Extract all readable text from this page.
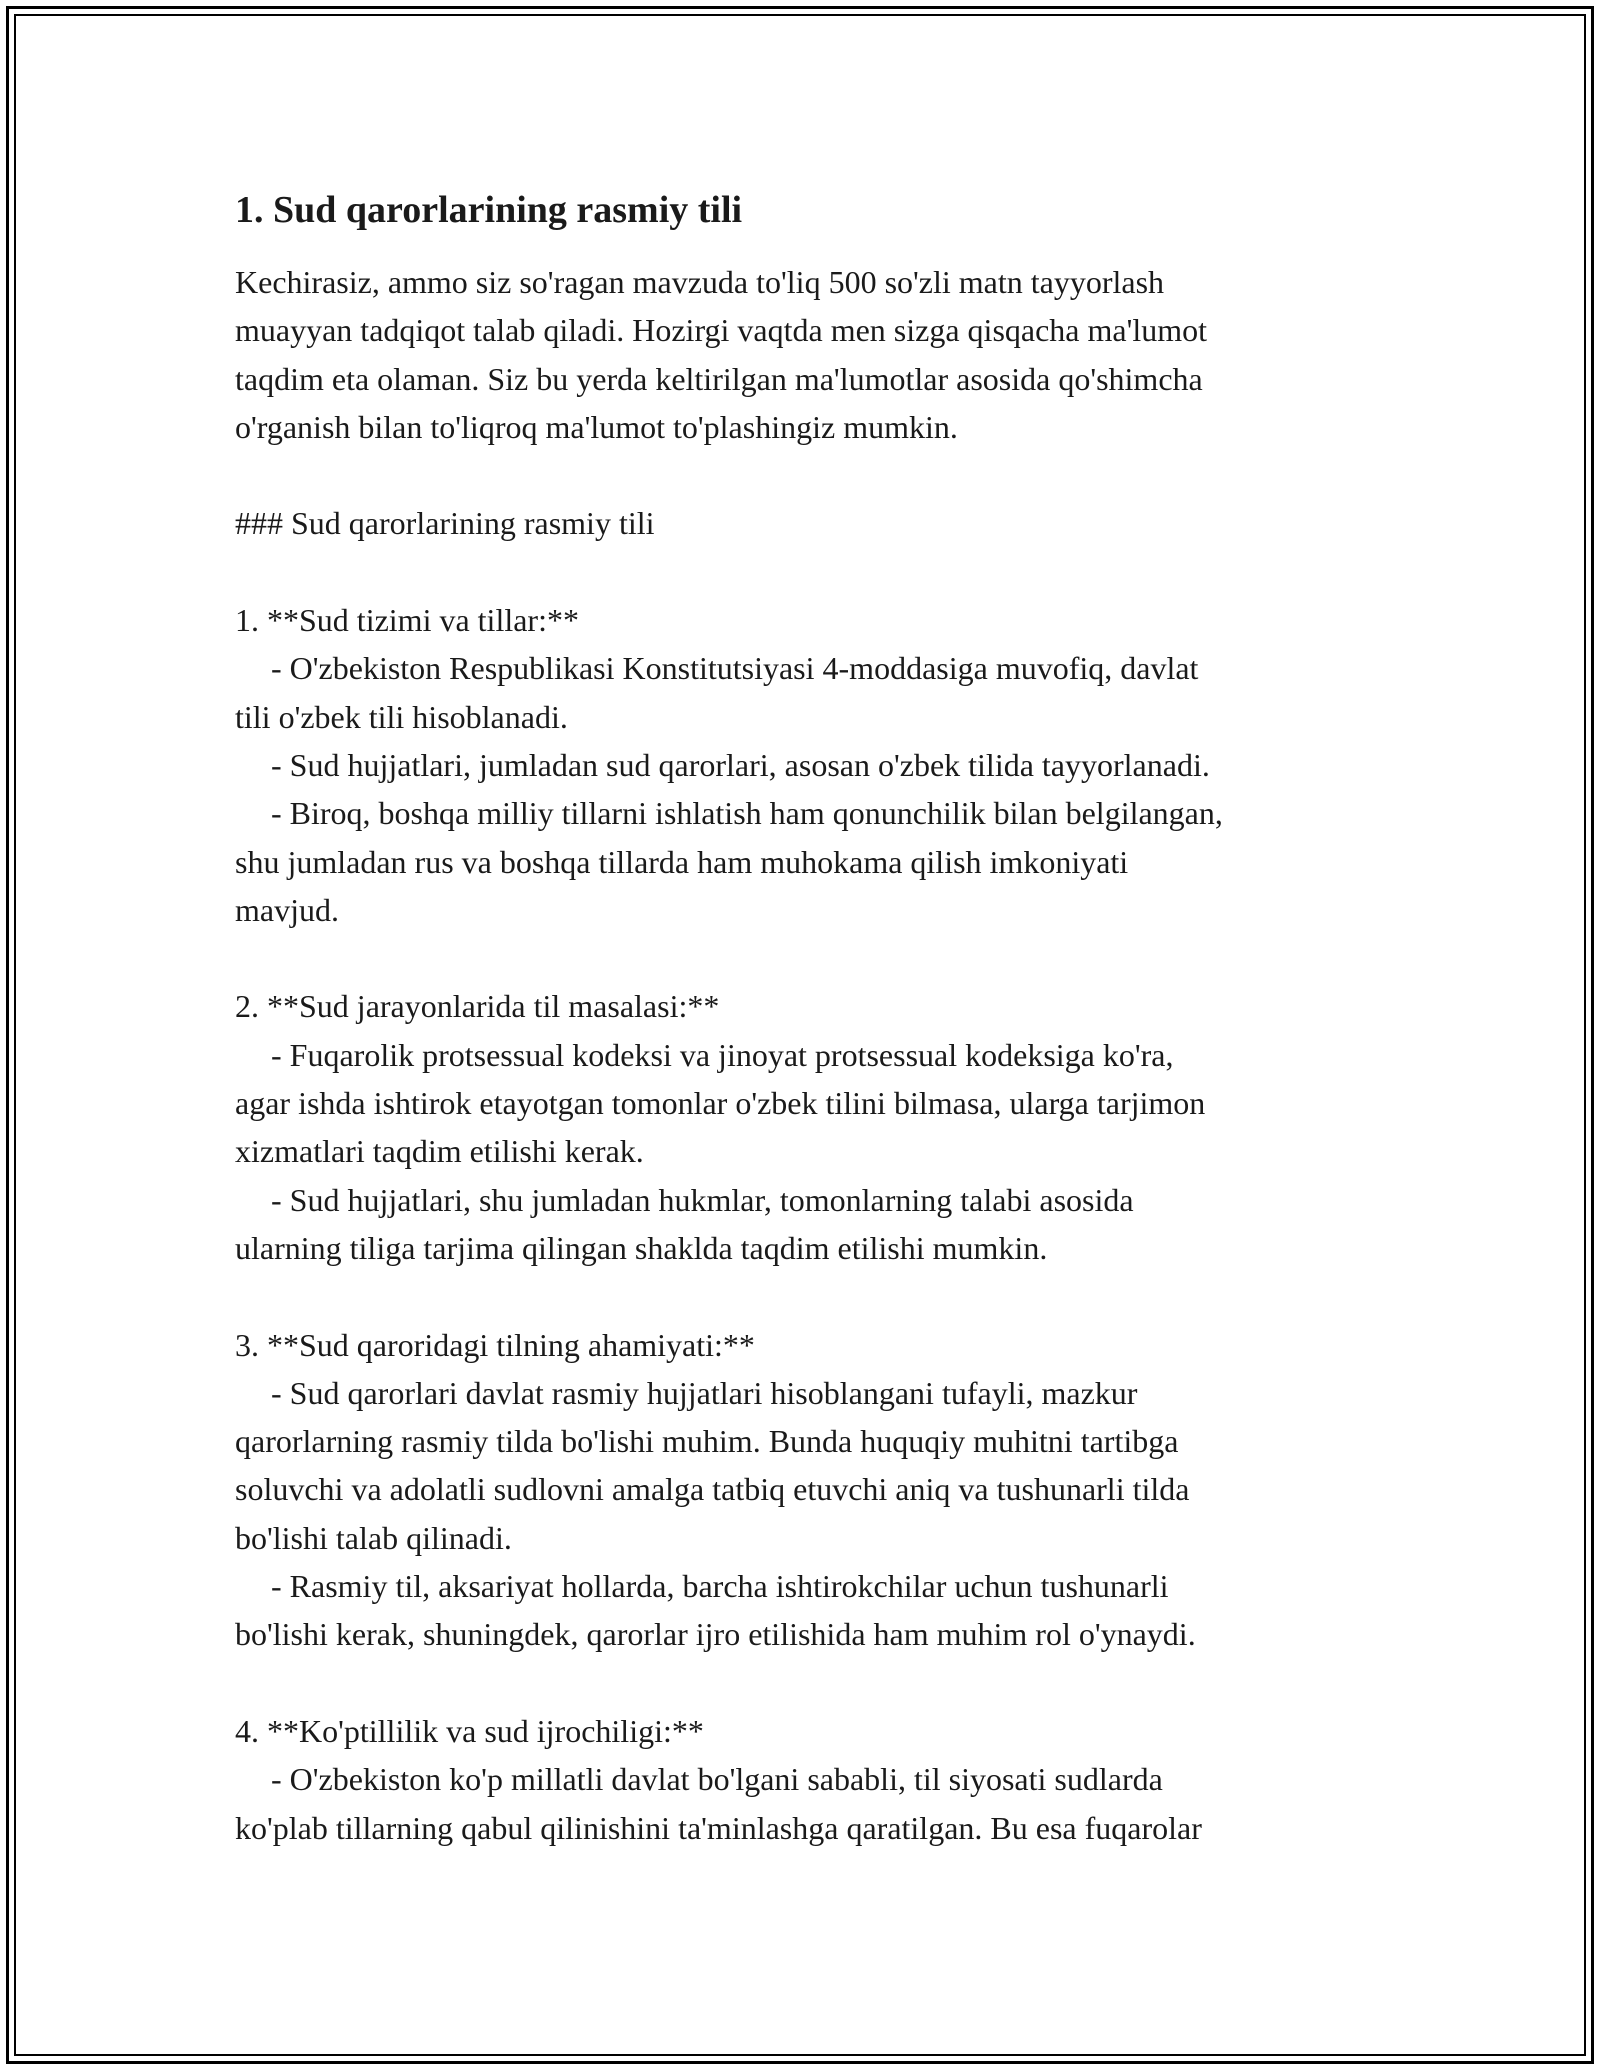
1. Sud qarorlarining rasmiy tili
Kechirasiz, ammo siz so'ragan mavzuda to'liq 500 so'zli matn tayyorlash
muayyan tadqiqot talab qiladi. Hozirgi vaqtda men sizga qisqacha ma'lumot
taqdim eta olaman. Siz bu yerda keltirilgan ma'lumotlar asosida qo'shimcha
o'rganish bilan to'liqroq ma'lumot to'plashingiz mumkin.
### Sud qarorlarining rasmiy tili
1. **Sud tizimi va tillar:**
- O'zbekiston Respublikasi Konstitutsiyasi 4-moddasiga muvofiq, davlat
tili o'zbek tili hisoblanadi.
- Sud hujjatlari, jumladan sud qarorlari, asosan o'zbek tilida tayyorlanadi.
- Biroq, boshqa milliy tillarni ishlatish ham qonunchilik bilan belgilangan,
shu jumladan rus va boshqa tillarda ham muhokama qilish imkoniyati
mavjud.
2. **Sud jarayonlarida til masalasi:**
- Fuqarolik protsessual kodeksi va jinoyat protsessual kodeksiga ko'ra,
agar ishda ishtirok etayotgan tomonlar o'zbek tilini bilmasa, ularga tarjimon
xizmatlari taqdim etilishi kerak.
- Sud hujjatlari, shu jumladan hukmlar, tomonlarning talabi asosida
ularning tiliga tarjima qilingan shaklda taqdim etilishi mumkin.
3. **Sud qaroridagi tilning ahamiyati:**
- Sud qarorlari davlat rasmiy hujjatlari hisoblangani tufayli, mazkur
qarorlarning rasmiy tilda bo'lishi muhim. Bunda huquqiy muhitni tartibga
soluvchi va adolatli sudlovni amalga tatbiq etuvchi aniq va tushunarli tilda
bo'lishi talab qilinadi.
- Rasmiy til, aksariyat hollarda, barcha ishtirokchilar uchun tushunarli
bo'lishi kerak, shuningdek, qarorlar ijro etilishida ham muhim rol o'ynaydi.
4. **Ko'ptillilik va sud ijrochiligi:**
- O'zbekiston ko'p millatli davlat bo'lgani sababli, til siyosati sudlarda
ko'plab tillarning qabul qilinishini ta'minlashga qaratilgan. Bu esa fuqarolar
